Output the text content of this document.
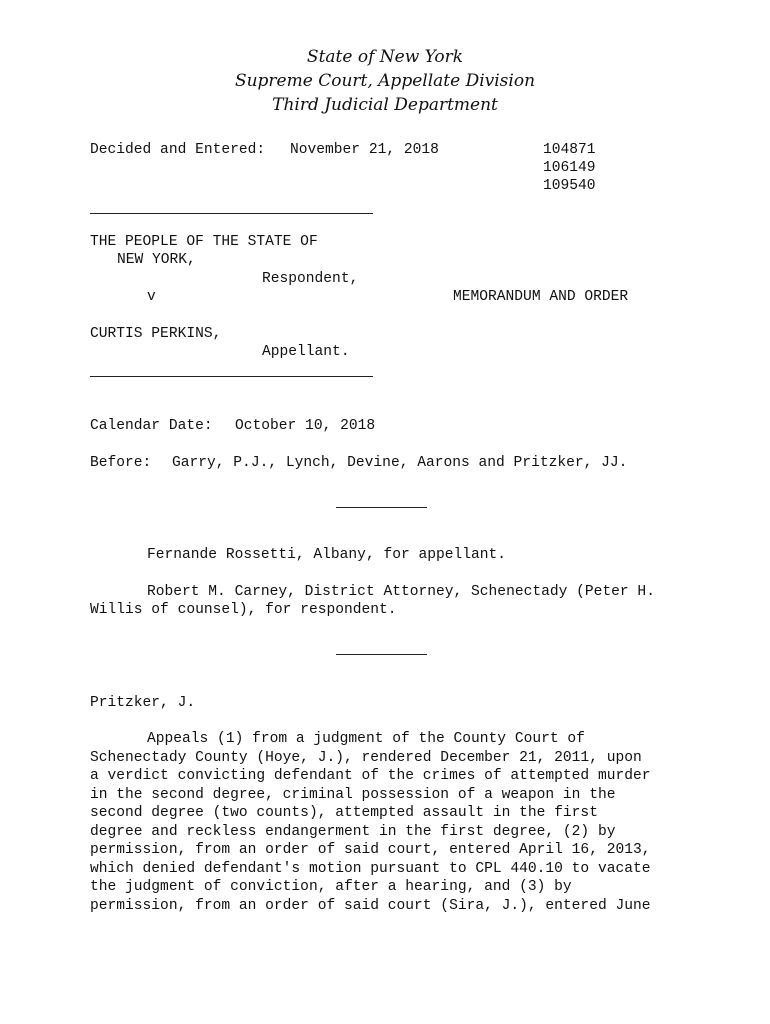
State of New York
Supreme Court, Appellate Division
Third Judicial Department
Decided and Entered: November 21, 2018	104871
106149
109540
THE PEOPLE OF THE STATE OF
NEW YORK,
Respondent,
v	MEMORANDUM AND ORDER
CURTIS PERKINS,
Appellant.
Calendar Date: October 10, 2018
Before: Garry, P.J., Lynch, Devine, Aarons and Pritzker, JJ.
Fernande Rossetti, Albany, for appellant.
Robert M. Carney, District Attorney, Schenectady (Peter H.
Willis of counsel), for respondent.
Pritzker, J.
Appeals (1) from a judgment of the County Court of
Schenectady County (Hoye, J.), rendered December 21, 2011, upon
a verdict convicting defendant of the crimes of attempted murder
in the second degree, criminal possession of a weapon in the
second degree (two counts), attempted assault in the first
degree and reckless endangerment in the first degree, (2) by
permission, from an order of said court, entered April 16, 2013,
which denied defendant's motion pursuant to CPL 440.10 to vacate
the judgment of conviction, after a hearing, and (3) by
permission, from an order of said court (Sira, J.), entered June
